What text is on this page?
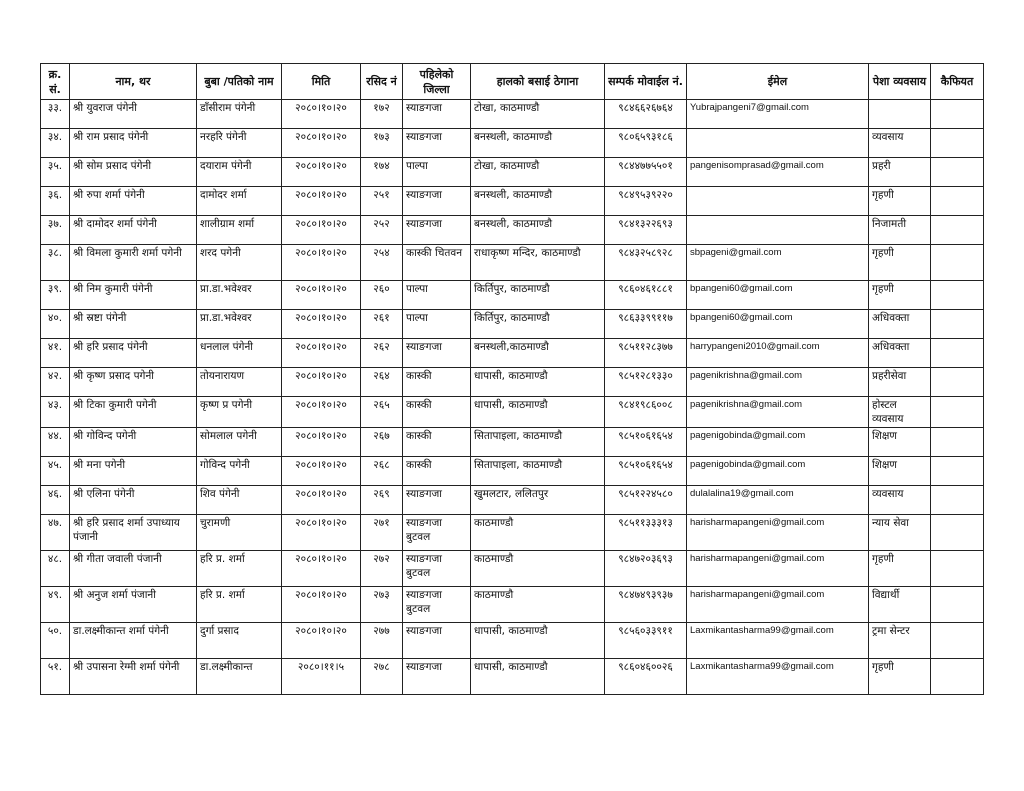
क्र. सं.	नाम, थर	बुबा /पतिको नाम	मिति	रसिद नं	पहिलेको जिल्ला	हालको बसाई ठेगाना	सम्पर्क मोवाईल नं.	ईमेल	पेशा व्यवसाय	कैफियत
३३.	श्री युवराज पंगेनी	डाँसीराम पंगेनी	२०८०।१०।२०	१७२	स्याङगजा	टोखा, काठमाण्डौ	९८४६६२६७६४	Yubrajpangeni7@gmail.com		
३४.	श्री राम प्रसाद पंगेनी	नरहरि पंगेनी	२०८०।१०।२०	१७३	स्याङगजा	बनस्थली, काठमाण्डौ	९८०६५९३१८६		व्यवसाय	
३५.	श्री सोम प्रसाद पंगेनी	दयाराम पंगेनी	२०८०।१०।२०	१७४	पाल्पा	टोखा, काठमाण्डौ	९८४४७७५५०१	pangenisomprasad@gmail.com	प्रहरी	
३६.	श्री रुपा शर्मा पंगेनी	दामोदर शर्मा	२०८०।१०।२०	२५१	स्याङगजा	बनस्थली, काठमाण्डौ	९८४९५३९२२०		गृहणी	
३७.	श्री दामोदर शर्मा पंगेनी	शालीग्राम शर्मा	२०८०।१०।२०	२५२	स्याङगजा	बनस्थली, काठमाण्डौ	९८४१३२२६९३		निजामती	
३८.	श्री विमला कुमारी शर्मा पगेनी	शरद पगेनी	२०८०।१०।२०	२५४	कास्की चितवन	राधाकृष्ण मन्दिर, काठमाण्डौ	९८४३२५८९२८	sbpageni@gmail.com	गृहणी	
३९.	श्री निम कुमारी पंगेनी	प्रा.डा.भवेश्वर	२०८०।१०।२०	२६०	पाल्पा	किर्तिपुर, काठमाण्डौ	९८६०४६१८८१	bpangeni60@gmail.com	गृहणी	
४०.	श्री स्रष्टा पंगेनी	प्रा.डा.भवेश्वर	२०८०।१०।२०	२६१	पाल्पा	किर्तिपुर, काठमाण्डौ	९८६३३९९११७	bpangeni60@gmail.com	अधिवक्ता	
४१.	श्री हरि प्रसाद पंगेनी	धनलाल पंगेनी	२०८०।१०।२०	२६२	स्याङगजा	बनस्थली,काठमाण्डौ	९८५११२८३७७	harrypangeni2010@gmail.com	अधिवक्ता	
४२.	श्री कृष्ण प्रसाद पगेनी	तोयनारायण	२०८०।१०।२०	२६४	कास्की	धापासी, काठमाण्डौ	९८५१२८१३३०	pagenikrishna@gmail.com	प्रहरीसेवा	
४३.	श्री टिका कुमारी पगेनी	कृष्ण प्र पगेनी	२०८०।१०।२०	२६५	कास्की	धापासी, काठमाण्डौ	९८४१९८६००८	pagenikrishna@gmail.com	होस्टल व्यवसाय	
४४.	श्री गोविन्द पगेनी	सोमलाल पगेनी	२०८०।१०।२०	२६७	कास्की	सितापाइला, काठमाण्डौ	९८५१०६१६५४	pagenigobinda@gmail.com	शिक्षण	
४५.	श्री मना पगेनी	गोविन्द पगेनी	२०८०।१०।२०	२६८	कास्की	सितापाइला, काठमाण्डौ	९८५१०६१६५४	pagenigobinda@gmail.com	शिक्षण	
४६.	श्री एलिना पंगेनी	शिव पंगेनी	२०८०।१०।२०	२६९	स्याङगजा	खुमलटार, ललितपुर	९८५१२२४५८०	dulalalina19@gmail.com	व्यवसाय	
४७.	श्री हरि प्रसाद शर्मा उपाध्याय पंजानी	चुरामणी	२०८०।१०।२०	२७१	स्याङगजा बुटवल	काठमाण्डौ	९८५११३३३१३	harisharmapangeni@gmail.com	न्याय सेवा	
४८.	श्री गीता जवाली पंजानी	हरि प्र. शर्मा	२०८०।१०।२०	२७२	स्याङगजा बुटवल	काठमाण्डौ	९८४७२०३६९३	harisharmapangeni@gmail.com	गृहणी	
४९.	श्री अनुज शर्मा पंजानी	हरि प्र. शर्मा	२०८०।१०।२०	२७३	स्याङगजा बुटवल	काठमाण्डौ	९८४७४९३९३७	harisharmapangeni@gmail.com	विद्यार्थी	
५०.	डा.लक्ष्मीकान्त शर्मा पंगेनी	दुर्गा प्रसाद	२०८०।१०।२०	२७७	स्याङगजा	धापासी, काठमाण्डौ	९८५६०३३९११	Laxmikantasharma99@gmail.com	ट्रमा सेन्टर	
५१.	श्री उपासना रेग्मी शर्मा पंगेनी	डा.लक्ष्मीकान्त	२०८०।११।५	२७८	स्याङगजा	धापासी, काठमाण्डौ	९८६०४६००२६	Laxmikantasharma99@gmail.com	गृहणी	
